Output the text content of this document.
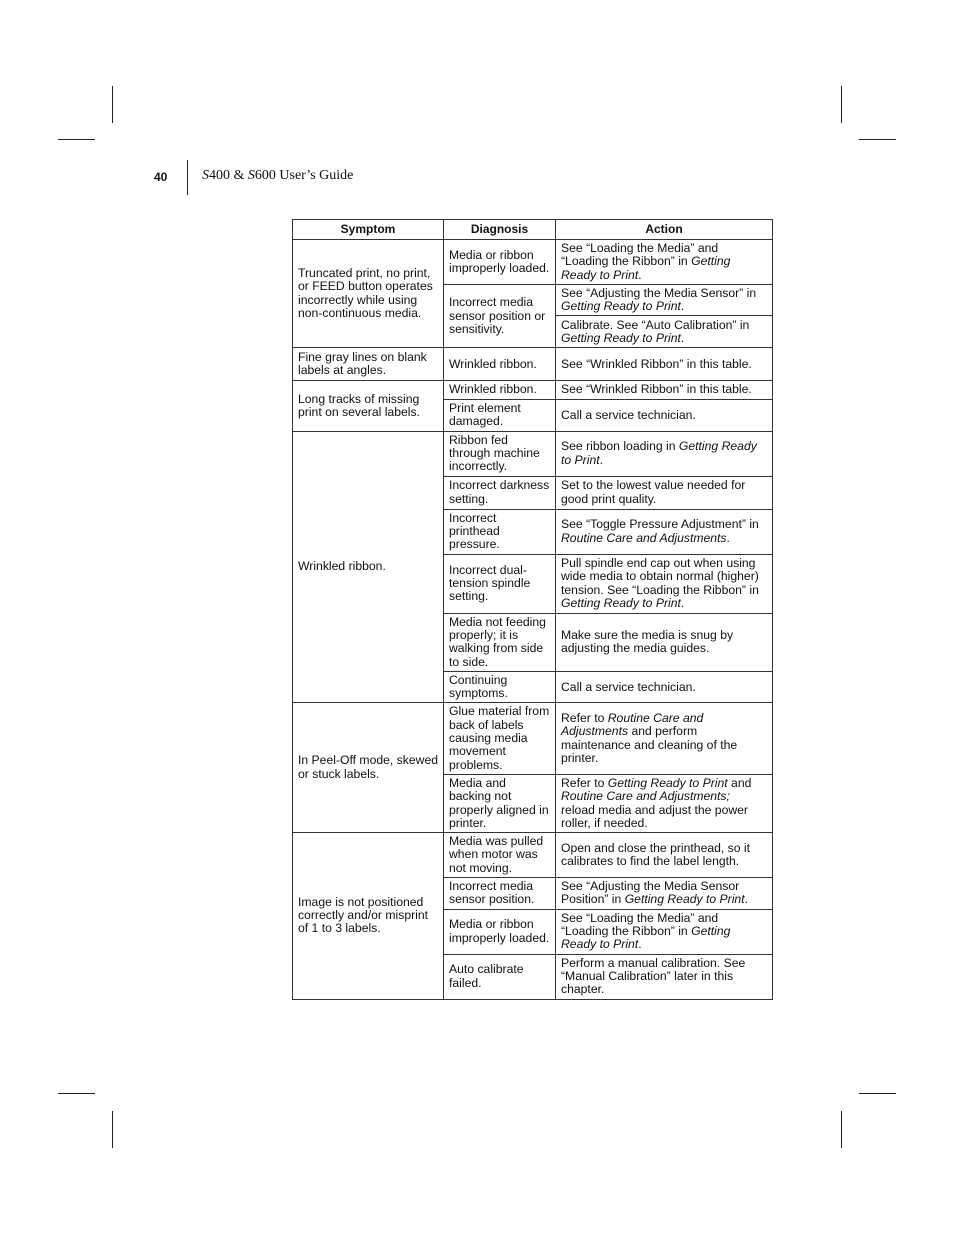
40 S400 & S600 User’s Guide
Symptom	Diagnosis	Action
Truncated print, no print, or FEED button operates incorrectly while using non-continuous media.	Media or ribbon improperly loaded.	See “Loading the Media” and “Loading the Ribbon” in Getting Ready to Print.
	Incorrect media sensor position or sensitivity.	See “Adjusting the Media Sensor” in Getting Ready to Print.
		Calibrate. See “Auto Calibration” in Getting Ready to Print.
Fine gray lines on blank labels at angles.	Wrinkled ribbon.	See “Wrinkled Ribbon” in this table.
Long tracks of missing print on several labels.	Wrinkled ribbon.	See “Wrinkled Ribbon” in this table.
	Print element damaged.	Call a service technician.
Wrinkled ribbon.	Ribbon fed through machine incorrectly.	See ribbon loading in Getting Ready to Print.
	Incorrect darkness setting.	Set to the lowest value needed for good print quality.
	Incorrect printhead pressure.	See “Toggle Pressure Adjustment” in Routine Care and Adjustments.
	Incorrect dual-tension spindle setting.	Pull spindle end cap out when using wide media to obtain normal (higher) tension. See “Loading the Ribbon” in Getting Ready to Print.
	Media not feeding properly; it is walking from side to side.	Make sure the media is snug by adjusting the media guides.
	Continuing symptoms.	Call a service technician.
In Peel-Off mode, skewed or stuck labels.	Glue material from back of labels causing media movement problems.	Refer to Routine Care and Adjustments and perform maintenance and cleaning of the printer.
	Media and backing not properly aligned in printer.	Refer to Getting Ready to Print and Routine Care and Adjustments; reload media and adjust the power roller, if needed.
Image is not positioned correctly and/or misprint of 1 to 3 labels.	Media was pulled when motor was not moving.	Open and close the printhead, so it calibrates to find the label length.
	Incorrect media sensor position.	See “Adjusting the Media Sensor Position” in Getting Ready to Print.
	Media or ribbon improperly loaded.	See “Loading the Media” and “Loading the Ribbon” in Getting Ready to Print.
	Auto calibrate failed.	Perform a manual calibration. See “Manual Calibration” later in this chapter.
